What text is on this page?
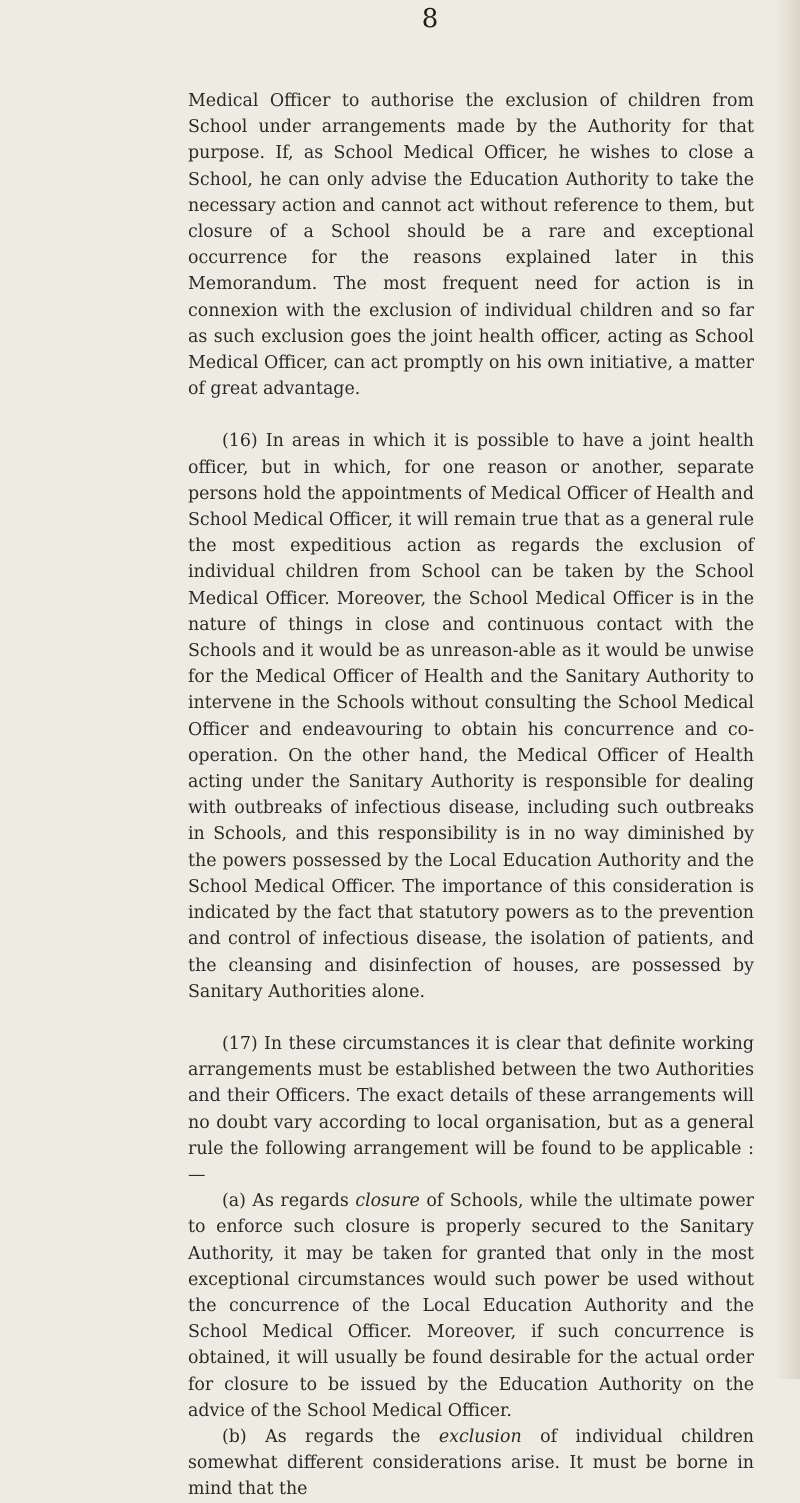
8

Medical Officer to authorise the exclusion of children from School under arrangements made by the Authority for that purpose. If, as School Medical Officer, he wishes to close a School, he can only advise the Education Authority to take the necessary action and cannot act without reference to them, but closure of a School should be a rare and exceptional occurrence for the reasons explained later in this Memorandum. The most frequent need for action is in connexion with the exclusion of individual children and so far as such exclusion goes the joint health officer, acting as School Medical Officer, can act promptly on his own initiative, a matter of great advantage.

(16) In areas in which it is possible to have a joint health officer, but in which, for one reason or another, separate persons hold the appointments of Medical Officer of Health and School Medical Officer, it will remain true that as a general rule the most expeditious action as regards the exclusion of individual children from School can be taken by the School Medical Officer. Moreover, the School Medical Officer is in the nature of things in close and continuous contact with the Schools and it would be as unreason-able as it would be unwise for the Medical Officer of Health and the Sanitary Authority to intervene in the Schools without consulting the School Medical Officer and endeavouring to obtain his concurrence and co-operation. On the other hand, the Medical Officer of Health acting under the Sanitary Authority is responsible for dealing with outbreaks of infectious disease, including such outbreaks in Schools, and this responsibility is in no way diminished by the powers possessed by the Local Education Authority and the School Medical Officer. The importance of this consideration is indicated by the fact that statutory powers as to the prevention and control of infectious disease, the isolation of patients, and the cleansing and disinfection of houses, are possessed by Sanitary Authorities alone.

(17) In these circumstances it is clear that definite working arrangements must be established between the two Authorities and their Officers. The exact details of these arrangements will no doubt vary according to local organisation, but as a general rule the following arrangement will be found to be applicable :—

(a) As regards closure of Schools, while the ultimate power to enforce such closure is properly secured to the Sanitary Authority, it may be taken for granted that only in the most exceptional circumstances would such power be used without the concurrence of the Local Education Authority and the School Medical Officer. Moreover, if such concurrence is obtained, it will usually be found desirable for the actual order for closure to be issued by the Education Authority on the advice of the School Medical Officer.

(b) As regards the exclusion of individual children somewhat different considerations arise. It must be borne in mind that the
